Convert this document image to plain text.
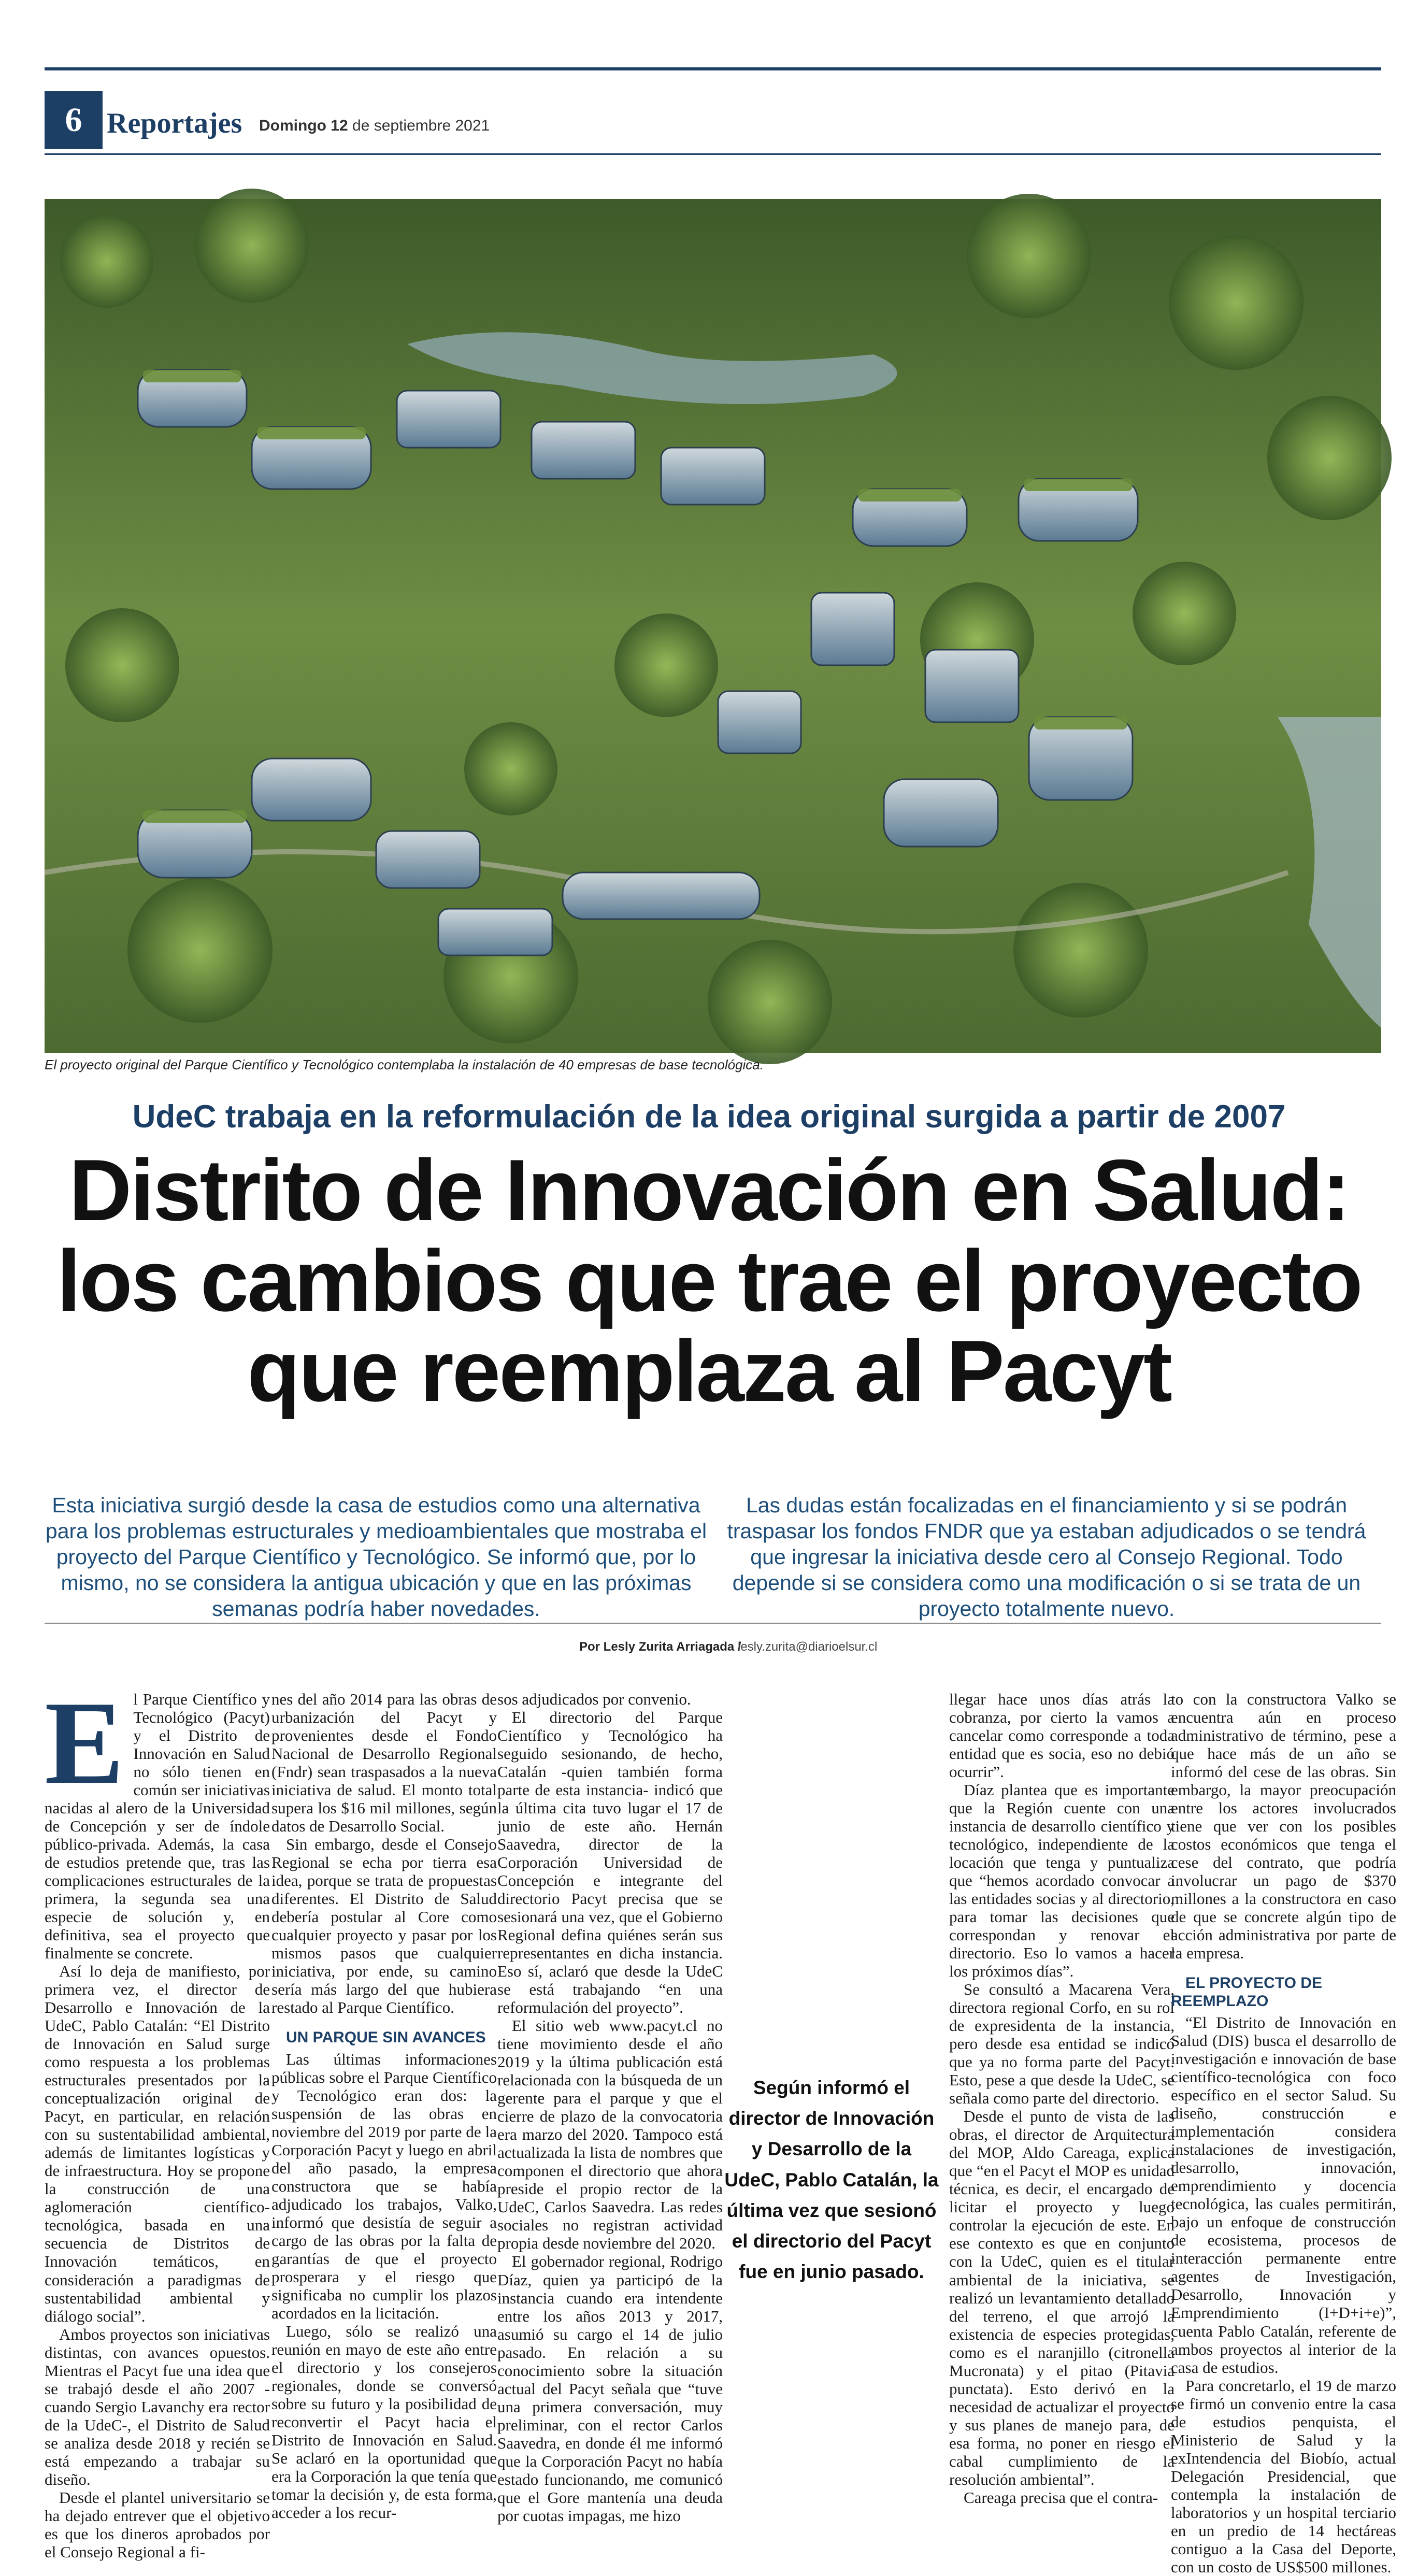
6 Reportajes Domingo 12 de septiembre 2021
El proyecto original del Parque Científico y Tecnológico contemplaba la instalación de 40 empresas de base tecnológica.
UdeC trabaja en la reformulación de la idea original surgida a partir de 2007
Distrito de Innovación en Salud:
los cambios que trae el proyecto
que reemplaza al Pacyt
Esta iniciativa surgió desde la casa de estudios como una alternativa para los problemas estructurales y medioambientales que mostraba el proyecto del Parque Científico y Tecnológico. Se informó que, por lo mismo, no se considera la antigua ubicación y que en las próximas semanas podría haber novedades.
Las dudas están focalizadas en el financiamiento y si se podrán traspasar los fondos FNDR que ya estaban adjudicados o se tendrá que ingresar la iniciativa desde cero al Consejo Regional. Todo depende si se considera como una modificación o si se trata de un proyecto totalmente nuevo.
Por Lesly Zurita Arriagada /
lesly.zurita@diarioelsur.cl
E l Parque Científico y Tecnológico (Pacyt) y el Distrito de Innovación en Salud no sólo tienen en común ser iniciativas nacidas al alero de la Universidad de Concepción y ser de índole público-privada. Además, la casa de estudios pretende que, tras las complicaciones estructurales de la primera, la segunda sea una especie de solución y, en definitiva, sea el proyecto que finalmente se concrete.

Así lo deja de manifiesto, por primera vez, el director de Desarrollo e Innovación de la UdeC, Pablo Catalán: “El Distrito de Innovación en Salud surge como respuesta a los problemas estructurales presentados por la conceptualización original de Pacyt, en particular, en relación con su sustentabilidad ambiental, además de limitantes logísticas y de infraestructura. Hoy se propone la construcción de una aglomeración científico-tecnológica, basada en una secuencia de Distritos de Innovación temáticos, en consideración a paradigmas de sustentabilidad ambiental y diálogo social”.

Ambos proyectos son iniciativas distintas, con avances opuestos. Mientras el Pacyt fue una idea que se trabajó desde el año 2007 -cuando Sergio Lavanchy era rector de la UdeC-, el Distrito de Salud se analiza desde 2018 y recién se está empezando a trabajar su diseño.

Desde el plantel universitario se ha dejado entrever que el objetivo es que los dineros aprobados por el Consejo Regional a fi-

nes del año 2014 para las obras de urbanización del Pacyt y provenientes desde el Fondo Nacional de Desarrollo Regional (Fndr) sean traspasados a la nueva iniciativa de salud. El monto total supera los $16 mil millones, según datos de Desarrollo Social.

Sin embargo, desde el Consejo Regional se echa por tierra esa idea, porque se trata de propuestas diferentes. El Distrito de Salud debería postular al Core como cualquier proyecto y pasar por los mismos pasos que cualquier iniciativa, por ende, su camino sería más largo del que hubiera restado al Parque Científico.

UN PARQUE SIN AVANCES

Las últimas informaciones públicas sobre el Parque Científico y Tecnológico eran dos: la suspensión de las obras en noviembre del 2019 por parte de la Corporación Pacyt y luego en abril del año pasado, la empresa constructora que se había adjudicado los trabajos, Valko, informó que desistía de seguir a cargo de las obras por la falta de garantías de que el proyecto prosperara y el riesgo que significaba no cumplir los plazos acordados en la licitación.

Luego, sólo se realizó una reunión en mayo de este año entre el directorio y los consejeros regionales, donde se conversó sobre su futuro y la posibilidad de reconvertir el Pacyt hacia el Distrito de Innovación en Salud. Se aclaró en la oportunidad que era la Corporación la que tenía que tomar la decisión y, de esta forma, acceder a los recur-

sos adjudicados por convenio.

El directorio del Parque Científico y Tecnológico ha seguido sesionando, de hecho, Catalán -quien también forma parte de esta instancia- indicó que la última cita tuvo lugar el 17 de junio de este año. Hernán Saavedra, director de la Corporación Universidad de Concepción e integrante del directorio Pacyt precisa que se sesionará una vez, que el Gobierno Regional defina quiénes serán sus representantes en dicha instancia. Eso sí, aclaró que desde la UdeC se está trabajando “en una reformulación del proyecto”.

El sitio web www.pacyt.cl no tiene movimiento desde el año 2019 y la última publicación está relacionada con la búsqueda de un gerente para el parque y que el cierre de plazo de la convocatoria era marzo del 2020. Tampoco está actualizada la lista de nombres que componen el directorio que ahora preside el propio rector de la UdeC, Carlos Saavedra. Las redes sociales no registran actividad propia desde noviembre del 2020.

El gobernador regional, Rodrigo Díaz, quien ya participó de la instancia cuando era intendente entre los años 2013 y 2017, asumió su cargo el 14 de julio pasado. En relación a su conocimiento sobre la situación actual del Pacyt señala que “tuve una primera conversación, muy preliminar, con el rector Carlos Saavedra, en donde él me informó que la Corporación Pacyt no había estado funcionando, me comunicó que el Gore mantenía una deuda por cuotas impagas, me hizo

Según informó el director de Innovación y Desarrollo de la UdeC, Pablo Catalán, la última vez que sesionó el directorio del Pacyt fue en junio pasado.

llegar hace unos días atrás la cobranza, por cierto la vamos a cancelar como corresponde a toda entidad que es socia, eso no debió ocurrir”.

Díaz plantea que es importante que la Región cuente con una instancia de desarrollo científico y tecnológico, independiente de la locación que tenga y puntualiza que “hemos acordado convocar a las entidades socias y al directorio, para tomar las decisiones que correspondan y renovar el directorio. Eso lo vamos a hacer los próximos días”.

Se consultó a Macarena Vera, directora regional Corfo, en su rol de expresidenta de la instancia, pero desde esa entidad se indicó que ya no forma parte del Pacyt. Esto, pese a que desde la UdeC, se señala como parte del directorio.

Desde el punto de vista de las obras, el director de Arquitectura del MOP, Aldo Careaga, explica que “en el Pacyt el MOP es unidad técnica, es decir, el encargado de licitar el proyecto y luego controlar la ejecución de este. En ese contexto es que en conjunto con la UdeC, quien es el titular ambiental de la iniciativa, se realizó un levantamiento detallado del terreno, el que arrojó la existencia de especies protegidas, como es el naranjillo (citronella Mucronata) y el pitao (Pitavia punctata). Esto derivó en la necesidad de actualizar el proyecto y sus planes de manejo para, de esa forma, no poner en riesgo el cabal cumplimiento de la resolución ambiental”.

Careaga precisa que el contra-

to con la constructora Valko se encuentra aún en proceso administrativo de término, pese a que hace más de un año se informó del cese de las obras. Sin embargo, la mayor preocupación entre los actores involucrados tiene que ver con los posibles costos económicos que tenga el cese del contrato, que podría involucrar un pago de $370 millones a la constructora en caso de que se concrete algún tipo de acción administrativa por parte de la empresa.

EL PROYECTO DE REEMPLAZO

“El Distrito de Innovación en Salud (DIS) busca el desarrollo de investigación e innovación de base científico-tecnológica con foco específico en el sector Salud. Su diseño, construcción e implementación considera instalaciones de investigación, desarrollo, innovación, emprendimiento y docencia tecnológica, las cuales permitirán, bajo un enfoque de construcción de ecosistema, procesos de interacción permanente entre agentes de Investigación, Desarrollo, Innovación y Emprendimiento (I+D+i+e)”, cuenta Pablo Catalán, referente de ambos proyectos al interior de la casa de estudios.

Para concretarlo, el 19 de marzo se firmó un convenio entre la casa de estudios penquista, el Ministerio de Salud y la exIntendencia del Biobío, actual Delegación Presidencial, que contempla la instalación de laboratorios y un hospital terciario en un predio de 14 hectáreas contiguo a la Casa del Deporte, con un costo de US$500 millones.
